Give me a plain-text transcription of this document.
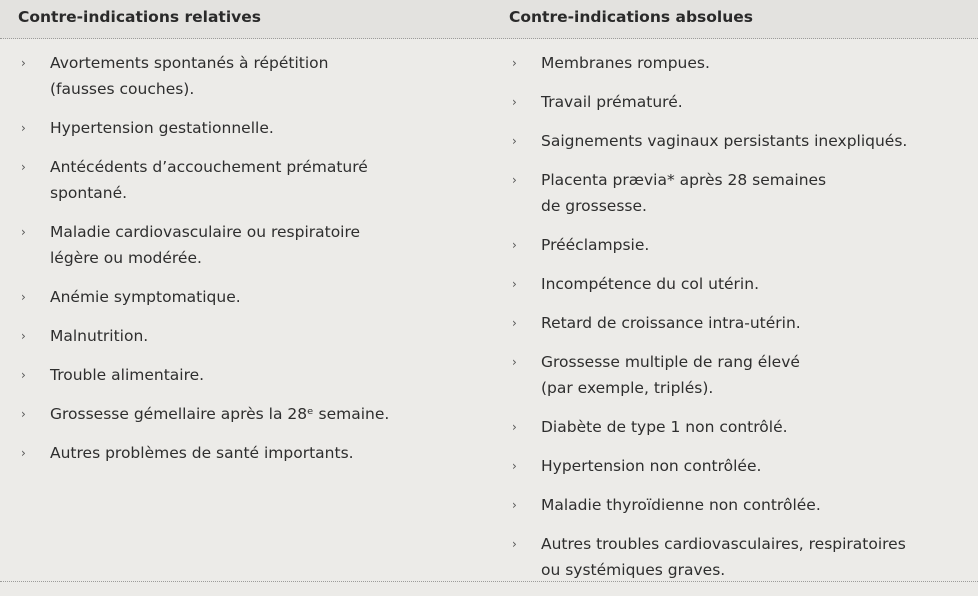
Contre-indications relatives	Contre-indications absolues
› Avortements spontanés à répétition
(fausses couches).
› Hypertension gestationnelle.
› Antécédents d’accouchement prématuré
spontané.
› Maladie cardiovasculaire ou respiratoire
légère ou modérée.
› Anémie symptomatique.
› Malnutrition.
› Trouble alimentaire.
› Grossesse gémellaire après la 28ᵉ semaine.
› Autres problèmes de santé importants.
› Membranes rompues.
› Travail prématuré.
› Saignements vaginaux persistants inexpliqués.
› Placenta prævia* après 28 semaines
de grossesse.
› Prééclampsie.
› Incompétence du col utérin.
› Retard de croissance intra-utérin.
› Grossesse multiple de rang élevé
(par exemple, triplés).
› Diabète de type 1 non contrôlé.
› Hypertension non contrôlée.
› Maladie thyroïdienne non contrôlée.
› Autres troubles cardiovasculaires, respiratoires
ou systémiques graves.
